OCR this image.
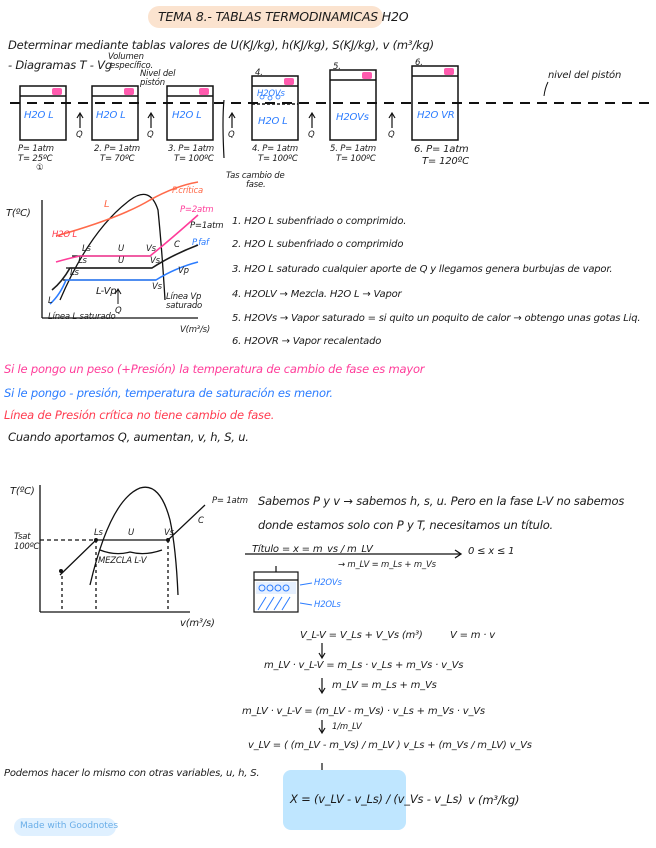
TEMA 8.- TABLAS TERMODINAMICAS H2O
Determinar mediante tablas valores de U(KJ/kg), h(KJ/kg), S(KJ/kg), v (m³/kg)
- Diagramas T - Vg
Volumen
específico.
Nivel del pistón
nivel del pistón
H2O L	H2O L	H2O L
H2OVs
H2O L	H2OVs	H2O VR
4.
5.	6.
Q	Q	Q	Q	Q
P= 1atm
T= 25ºC
①
2. P= 1atm
T= 70ºC
3. P= 1atm
T= 100ºC
4. P= 1atm
T= 100ºC
5. P= 1atm
T= 100ºC
6. P= 1atm
T= 120ºC
Tas cambio de
fase.
T(ºC)
V(m³/s)
P.crítica
P=2atm
P=1atm
P.faf
L
H2O L
L-Vp
Vp
C
L
Ls	U	Vs
Ls	U	Vs
Ls
Vs
Línea L saturado
Línea Vp
saturado
Q
1. H2O L subenfriado o comprimido.
2. H2O L subenfriado o comprimido
3. H2O L saturado cualquier aporte de Q y llegamos genera burbujas de vapor.
4. H2OLV → Mezcla. H2O L → Vapor
5. H2OVs → Vapor saturado = si quito un poquito de calor → obtengo unas gotas Liq.
6. H2OVR → Vapor recalentado
Si le pongo un peso (+Presión) la temperatura de cambio de fase es mayor
Si le pongo - presión, temperatura de saturación es menor.
Línea de Presión crítica no tiene cambio de fase.
Cuando aportamos Q, aumentan, v, h, S, u.
T(ºC)
v(m³/s)
Tsat
100ºC
P= 1atm
C
MEZCLA L-V
Ls	U	Vs
Sabemos P y v → sabemos h, s, u. Pero en la fase L-V no sabemos
donde estamos solo con P y T, necesitamos un título.
Título = x = m_vs / m_LV	0 ≤ x ≤ 1
→ m_LV = m_Ls + m_Vs
H2OVs
H2OLs
V_L-V = V_Ls + V_Vs (m³)	V = m · v
m_LV · v_L-V = m_Ls · v_Ls + m_Vs · v_Vs
m_LV = m_Ls + m_Vs
m_LV · v_L-V = (m_LV - m_Vs) · v_Ls + m_Vs · v_Vs
1/m_LV
v_LV = ( (m_LV - m_Vs) / m_LV ) v_Ls + (m_Vs / m_LV) v_Vs
X = (v_LV - v_Ls) / (v_Vs - v_Ls) v (m³/kg)
Podemos hacer lo mismo con otras variables, u, h, S.
Made with Goodnotes
